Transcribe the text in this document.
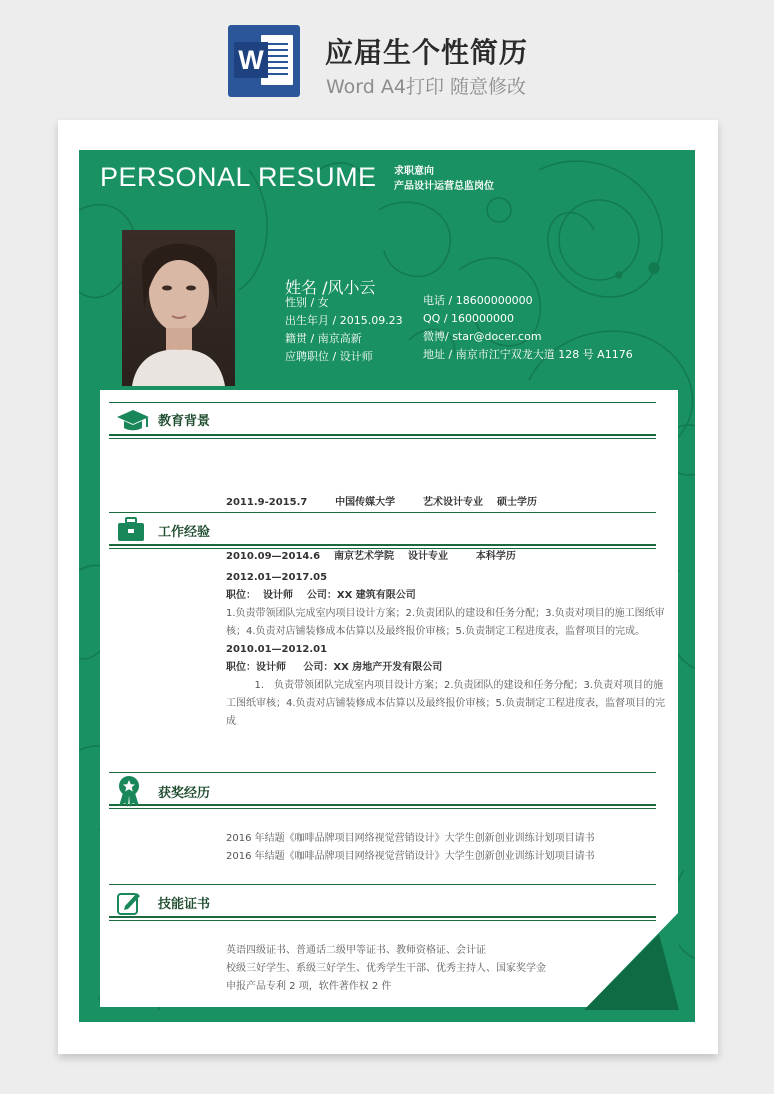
W 应届生个性简历
Word A4打印 随意修改
PERSONAL RESUME 求职意向
产品设计运营总监岗位
姓名 /风小云
性别 / 女
出生年月 / 2015.09.23
籍贯 / 南京高新
应聘职位 / 设计师
电话 / 18600000000
QQ / 160000000
微博/ star@docer.com
地址 / 南京市江宁双龙大道 128 号 A1176
教育背景

2011.9-2015.7        中国传媒大学        艺术设计专业    硕士学历

2010.09—2014.6    南京艺术学院    设计专业        本科学历

工作经验
2012.01—2017.05
职位：  设计师    公司：XX 建筑有限公司
1.负责带领团队完成室内项目设计方案；2.负责团队的建设和任务分配；3.负责对项目的施工图纸审核；4.负责对店铺装修成本估算以及最终报价审核；5.负责制定工程进度表，监督项目的完成。
2010.01—2012.01
职位：设计师     公司：XX 房地产开发有限公司
1. 负责带领团队完成室内项目设计方案；2.负责团队的建设和任务分配；3.负责对项目的施工图纸审核；4.负责对店铺装修成本估算以及最终报价审核；5.负责制定工程进度表，监督项目的完成
获奖经历
2016 年结题《咖啡品牌项目网络视觉营销设计》大学生创新创业训练计划项目请书
2016 年结题《咖啡品牌项目网络视觉营销设计》大学生创新创业训练计划项目请书
技能证书
英语四级证书、普通话二级甲等证书、教师资格证、会计证
校级三好学生、系级三好学生、优秀学生干部、优秀主持人、国家奖学金
申报产品专利 2 项，软件著作权 2 件
